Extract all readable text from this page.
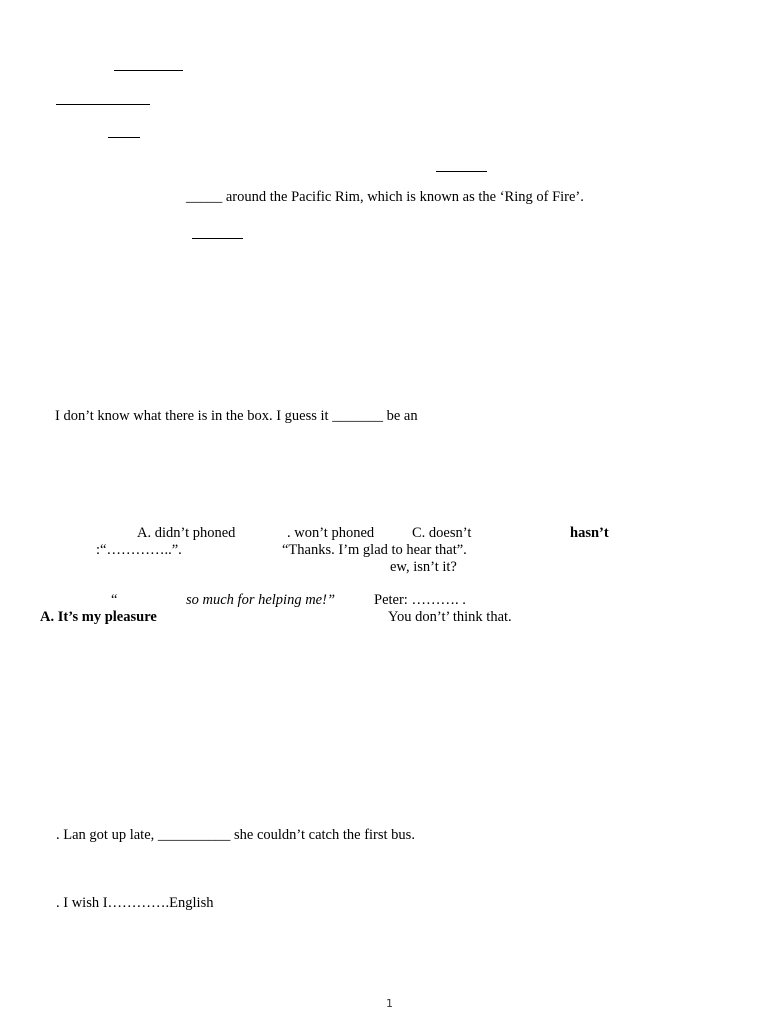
_____ around the Pacific Rim, which is known as the ‘Ring of Fire’.
I don’t know what there is in the box. I guess it _______ be an
A. didn’t phoned	. won’t phoned	C. doesn’t	hasn’t
:“…………..”.	“Thanks. I’m glad to hear that”.
ew, isn’t it?
“	so much for helping me!”	Peter: ………. .
A. It’s my pleasure	You don’t’ think that.
. Lan got up late, __________ she couldn’t catch the first bus.
. I wish I………….English
1
